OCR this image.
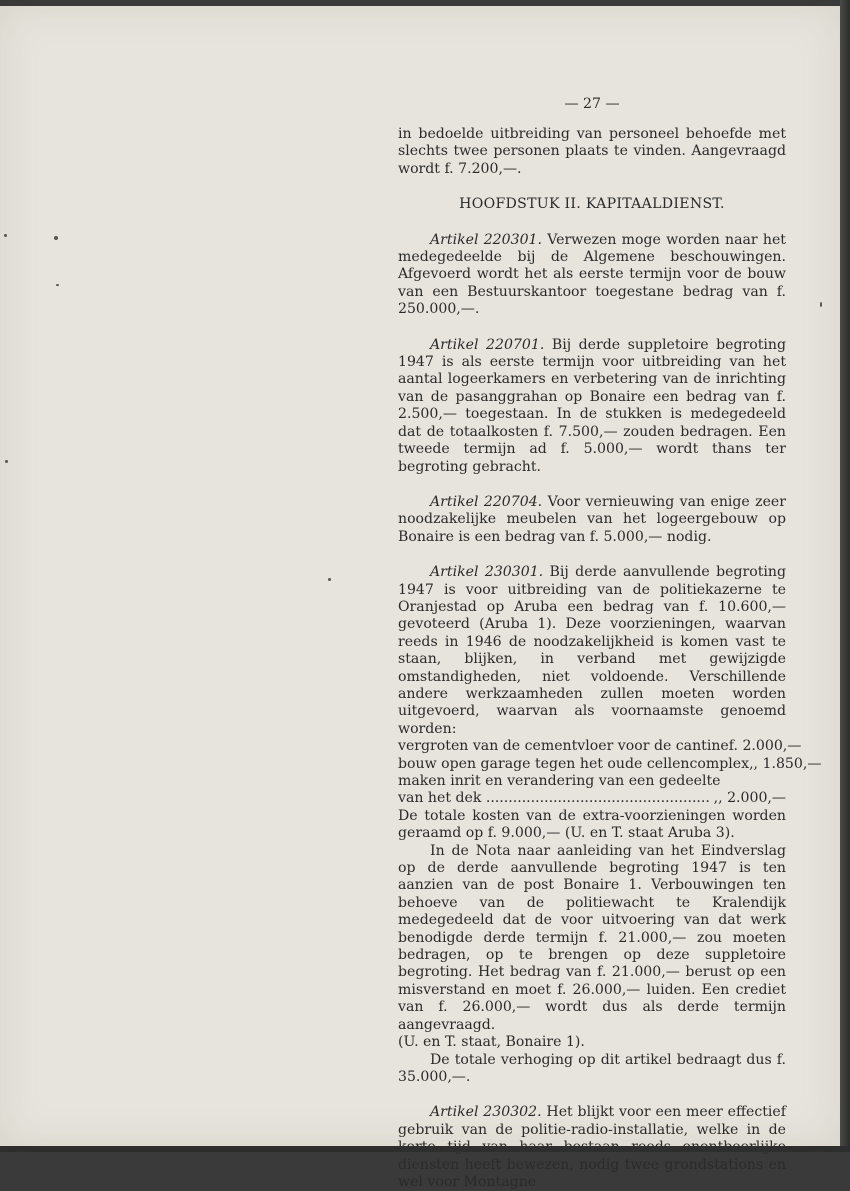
— 27 —

in bedoelde uitbreiding van personeel behoefde met slechts twee personen plaats te vinden. Aangevraagd wordt f. 7.200,—.

HOOFDSTUK II. KAPITAALDIENST.

Artikel 220301. Verwezen moge worden naar het medegedeelde bij de Algemene beschouwingen. Afgevoerd wordt het als eerste termijn voor de bouw van een Bestuurskantoor toegestane bedrag van f. 250.000,—.

Artikel 220701. Bij derde suppletoire begroting 1947 is als eerste termijn voor uitbreiding van het aantal logeerkamers en verbetering van de inrichting van de pasanggrahan op Bonaire een bedrag van f. 2.500,— toegestaan. In de stukken is medegedeeld dat de totaalkosten f. 7.500,— zouden bedragen. Een tweede termijn ad f. 5.000,— wordt thans ter begroting gebracht.

Artikel 220704. Voor vernieuwing van enige zeer noodzakelijke meubelen van het logeergebouw op Bonaire is een bedrag van f. 5.000,— nodig.

Artikel 230301. Bij derde aanvullende begroting 1947 is voor uitbreiding van de politiekazerne te Oranjestad op Aruba een bedrag van f. 10.600,— gevoteerd (Aruba 1). Deze voorzieningen, waarvan reeds in 1946 de noodzakelijkheid is komen vast te staan, blijken, in verband met gewijzigde omstandigheden, niet voldoende. Verschillende andere werkzaamheden zullen moeten worden uitgevoerd, waarvan als voornaamste genoemd worden:

vergroten van de cementvloer voor de cantine f. 2.000,—
bouw open garage tegen het oude cellencomplex ,, 1.850,—
maken inrit en verandering van een gedeelte
van het dek .................................................. ,, 2.000,—

De totale kosten van de extra-voorzieningen worden geraamd op f. 9.000,— (U. en T. staat Aruba 3).

In de Nota naar aanleiding van het Eindverslag op de derde aanvullende begroting 1947 is ten aanzien van de post Bonaire 1. Verbouwingen ten behoeve van de politiewacht te Kralendijk medegedeeld dat de voor uitvoering van dat werk benodigde derde termijn f. 21.000,— zou moeten bedragen, op te brengen op deze suppletoire begroting. Het bedrag van f. 21.000,— berust op een misverstand en moet f. 26.000,— luiden. Een crediet van f. 26.000,— wordt dus als derde termijn aangevraagd.

(U. en T. staat, Bonaire 1).

De totale verhoging op dit artikel bedraagt dus f. 35.000,—.

Artikel 230302. Het blijkt voor een meer effectief gebruik van de politie-radio-installatie, welke in de diensten heeft bewezen, nodig twee grondstations en wel voor Montagne
